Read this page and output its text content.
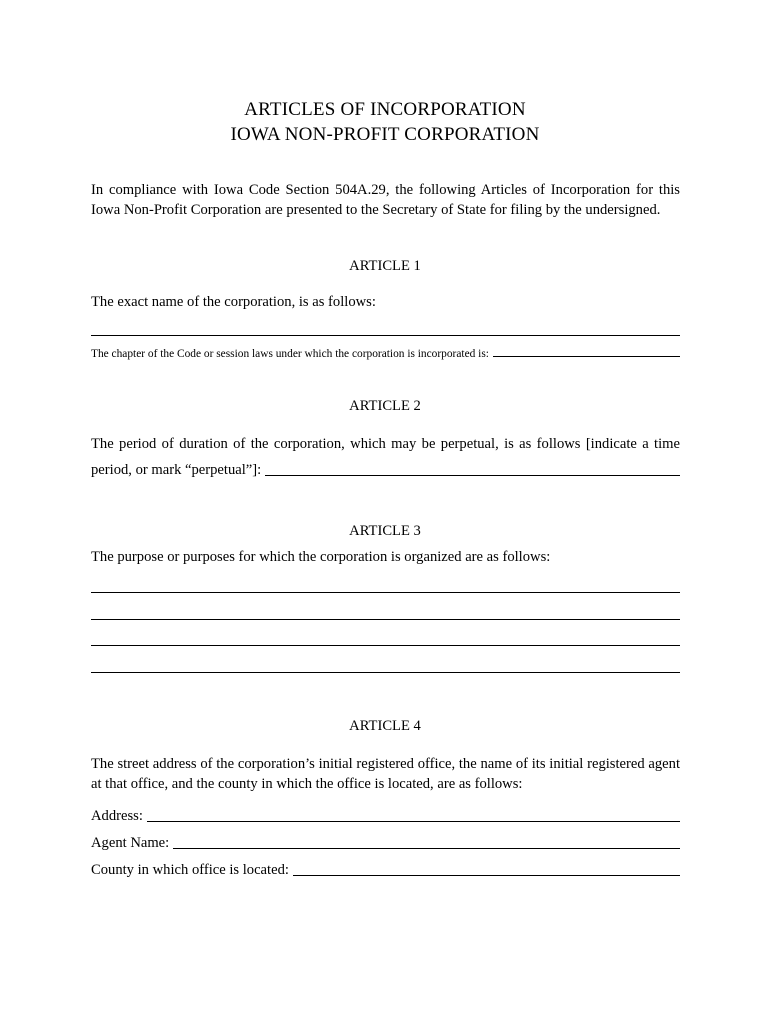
ARTICLES OF INCORPORATION
IOWA NON-PROFIT CORPORATION
In compliance with Iowa Code Section 504A.29, the following Articles of Incorporation for this Iowa Non-Profit Corporation are presented to the Secretary of State for filing by the undersigned.
ARTICLE 1
The exact name of the corporation, is as follows:
The chapter of the Code or session laws under which the corporation is incorporated is:
ARTICLE 2
The period of duration of the corporation, which may be perpetual, is as follows [indicate a time
period, or mark “perpetual”]:
ARTICLE 3
The purpose or purposes for which the corporation is organized are as follows:
ARTICLE 4
The street address of the corporation’s initial registered office, the name of its initial registered agent at that office, and the county in which the office is located, are as follows:
Address:
Agent Name:
County in which office is located:
